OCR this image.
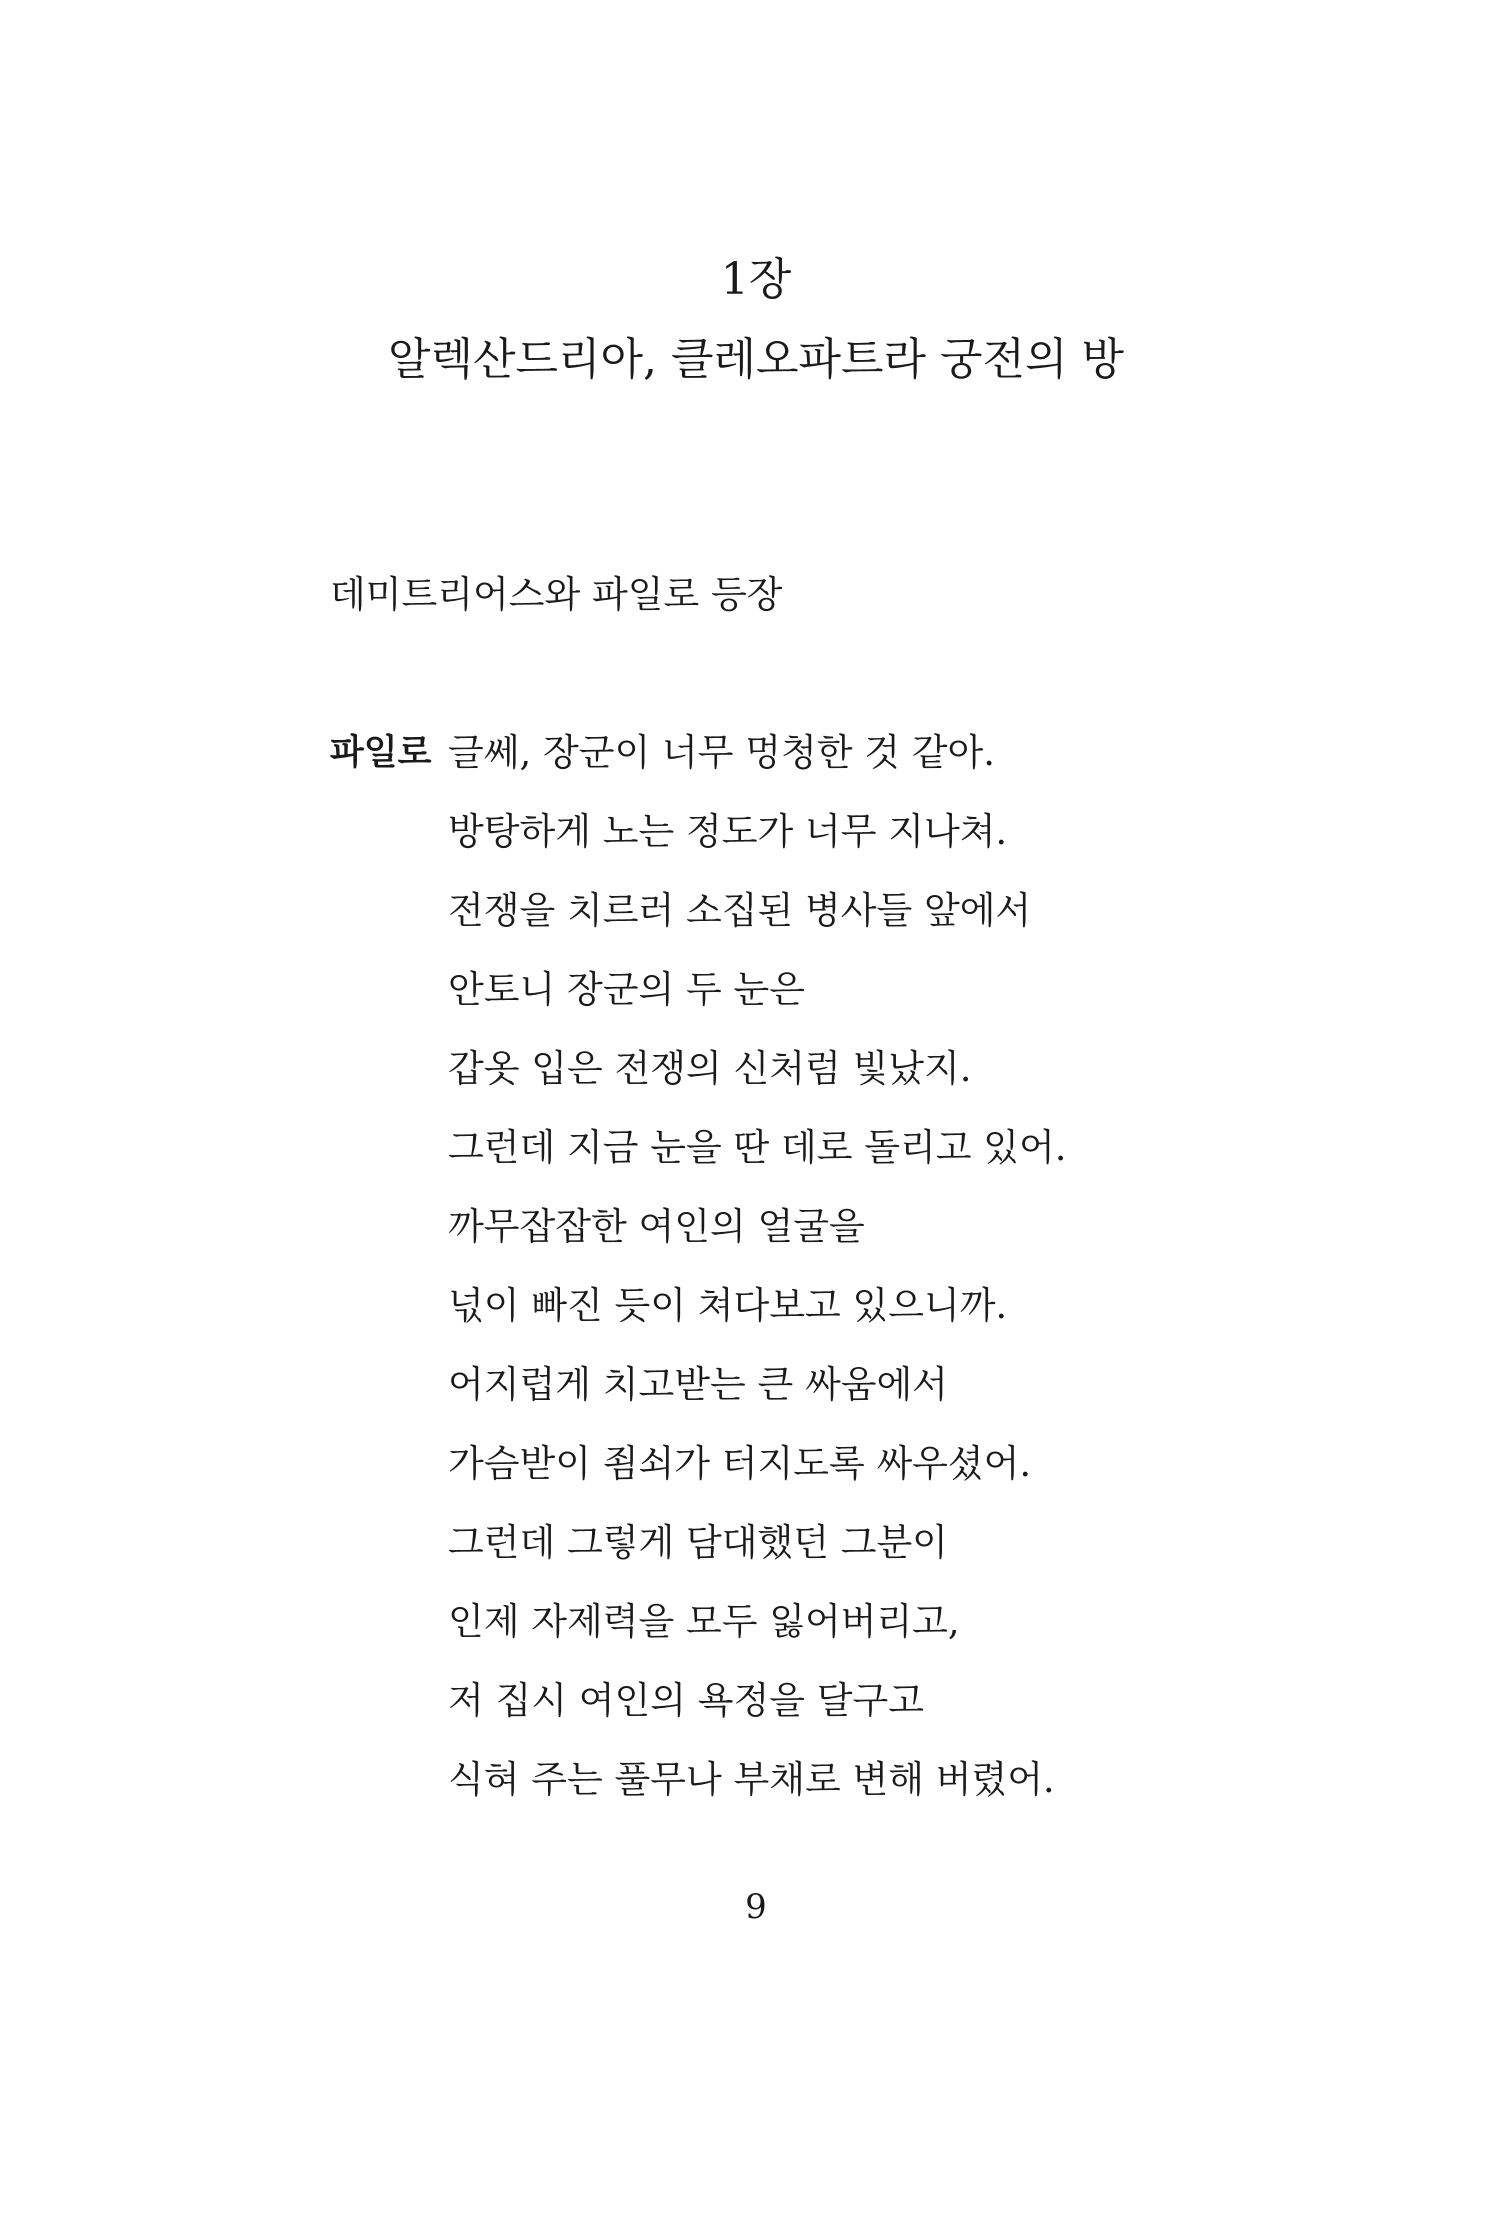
1장
알렉산드리아, 클레오파트라 궁전의 방
데미트리어스와 파일로 등장
파일로 글쎄, 장군이 너무 멍청한 것 같아.
방탕하게 노는 정도가 너무 지나쳐.
전쟁을 치르러 소집된 병사들 앞에서
안토니 장군의 두 눈은
갑옷 입은 전쟁의 신처럼 빛났지.
그런데 지금 눈을 딴 데로 돌리고 있어.
까무잡잡한 여인의 얼굴을
넋이 빠진 듯이 쳐다보고 있으니까.
어지럽게 치고받는 큰 싸움에서
가슴받이 죔쇠가 터지도록 싸우셨어.
그런데 그렇게 담대했던 그분이
인제 자제력을 모두 잃어버리고,
저 집시 여인의 욕정을 달구고
식혀 주는 풀무나 부채로 변해 버렸어.
9
